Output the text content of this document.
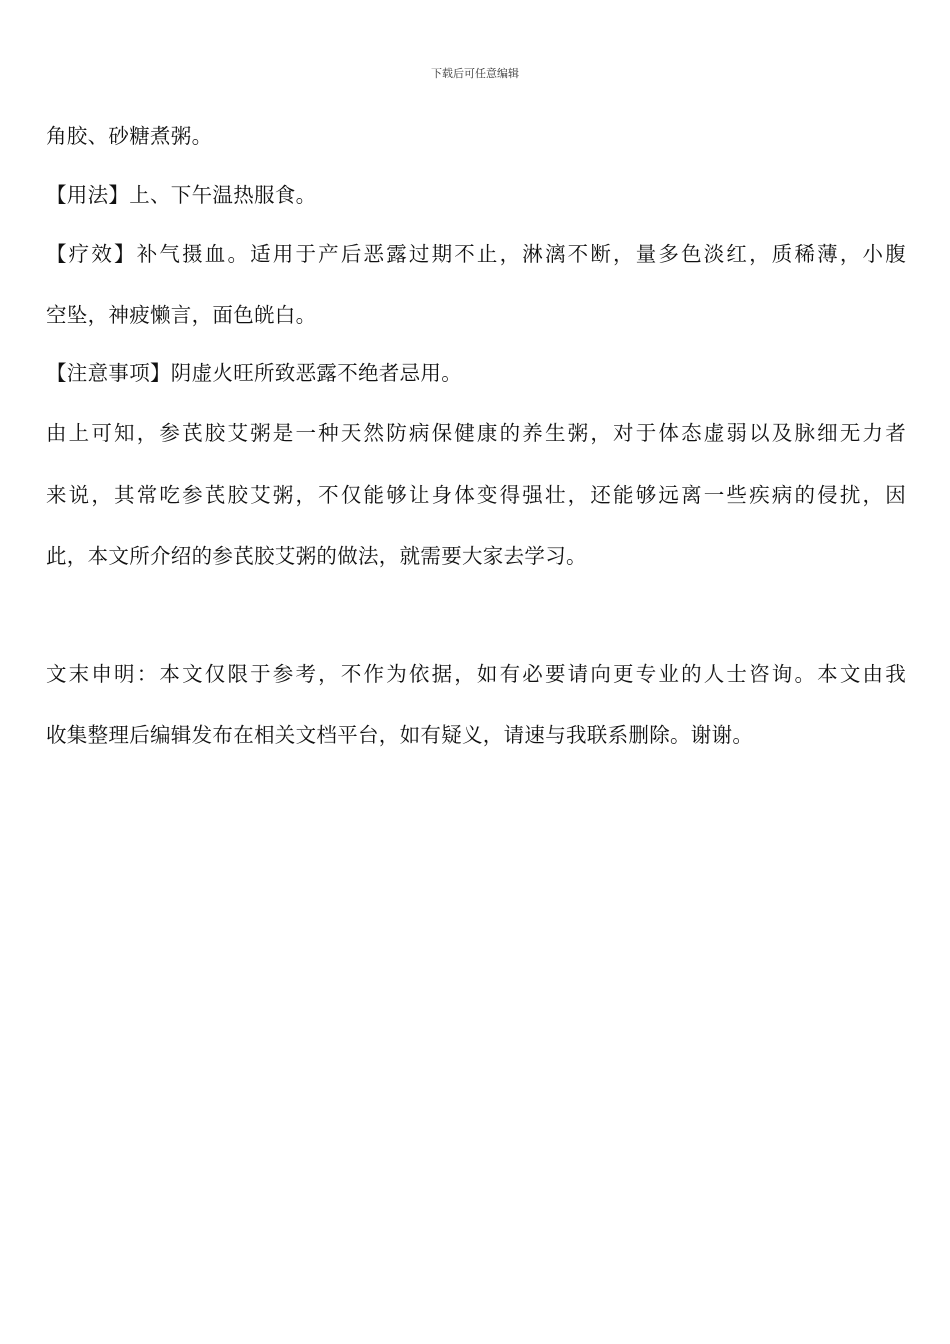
下载后可任意编辑
角胶、砂糖煮粥。
【用法】上、下午温热服食。
【疗效】补气摄血。适用于产后恶露过期不止，淋漓不断，量多色淡红，质稀薄，小腹
空坠，神疲懒言，面色㿠白。
【注意事项】阴虚火旺所致恶露不绝者忌用。
由上可知，参芪胶艾粥是一种天然防病保健康的养生粥，对于体态虚弱以及脉细无力者
来说，其常吃参芪胶艾粥，不仅能够让身体变得强壮，还能够远离一些疾病的侵扰，因
此，本文所介绍的参芪胶艾粥的做法，就需要大家去学习。
文末申明：本文仅限于参考，不作为依据，如有必要请向更专业的人士咨询。本文由我
收集整理后编辑发布在相关文档平台，如有疑义，请速与我联系删除。谢谢。
